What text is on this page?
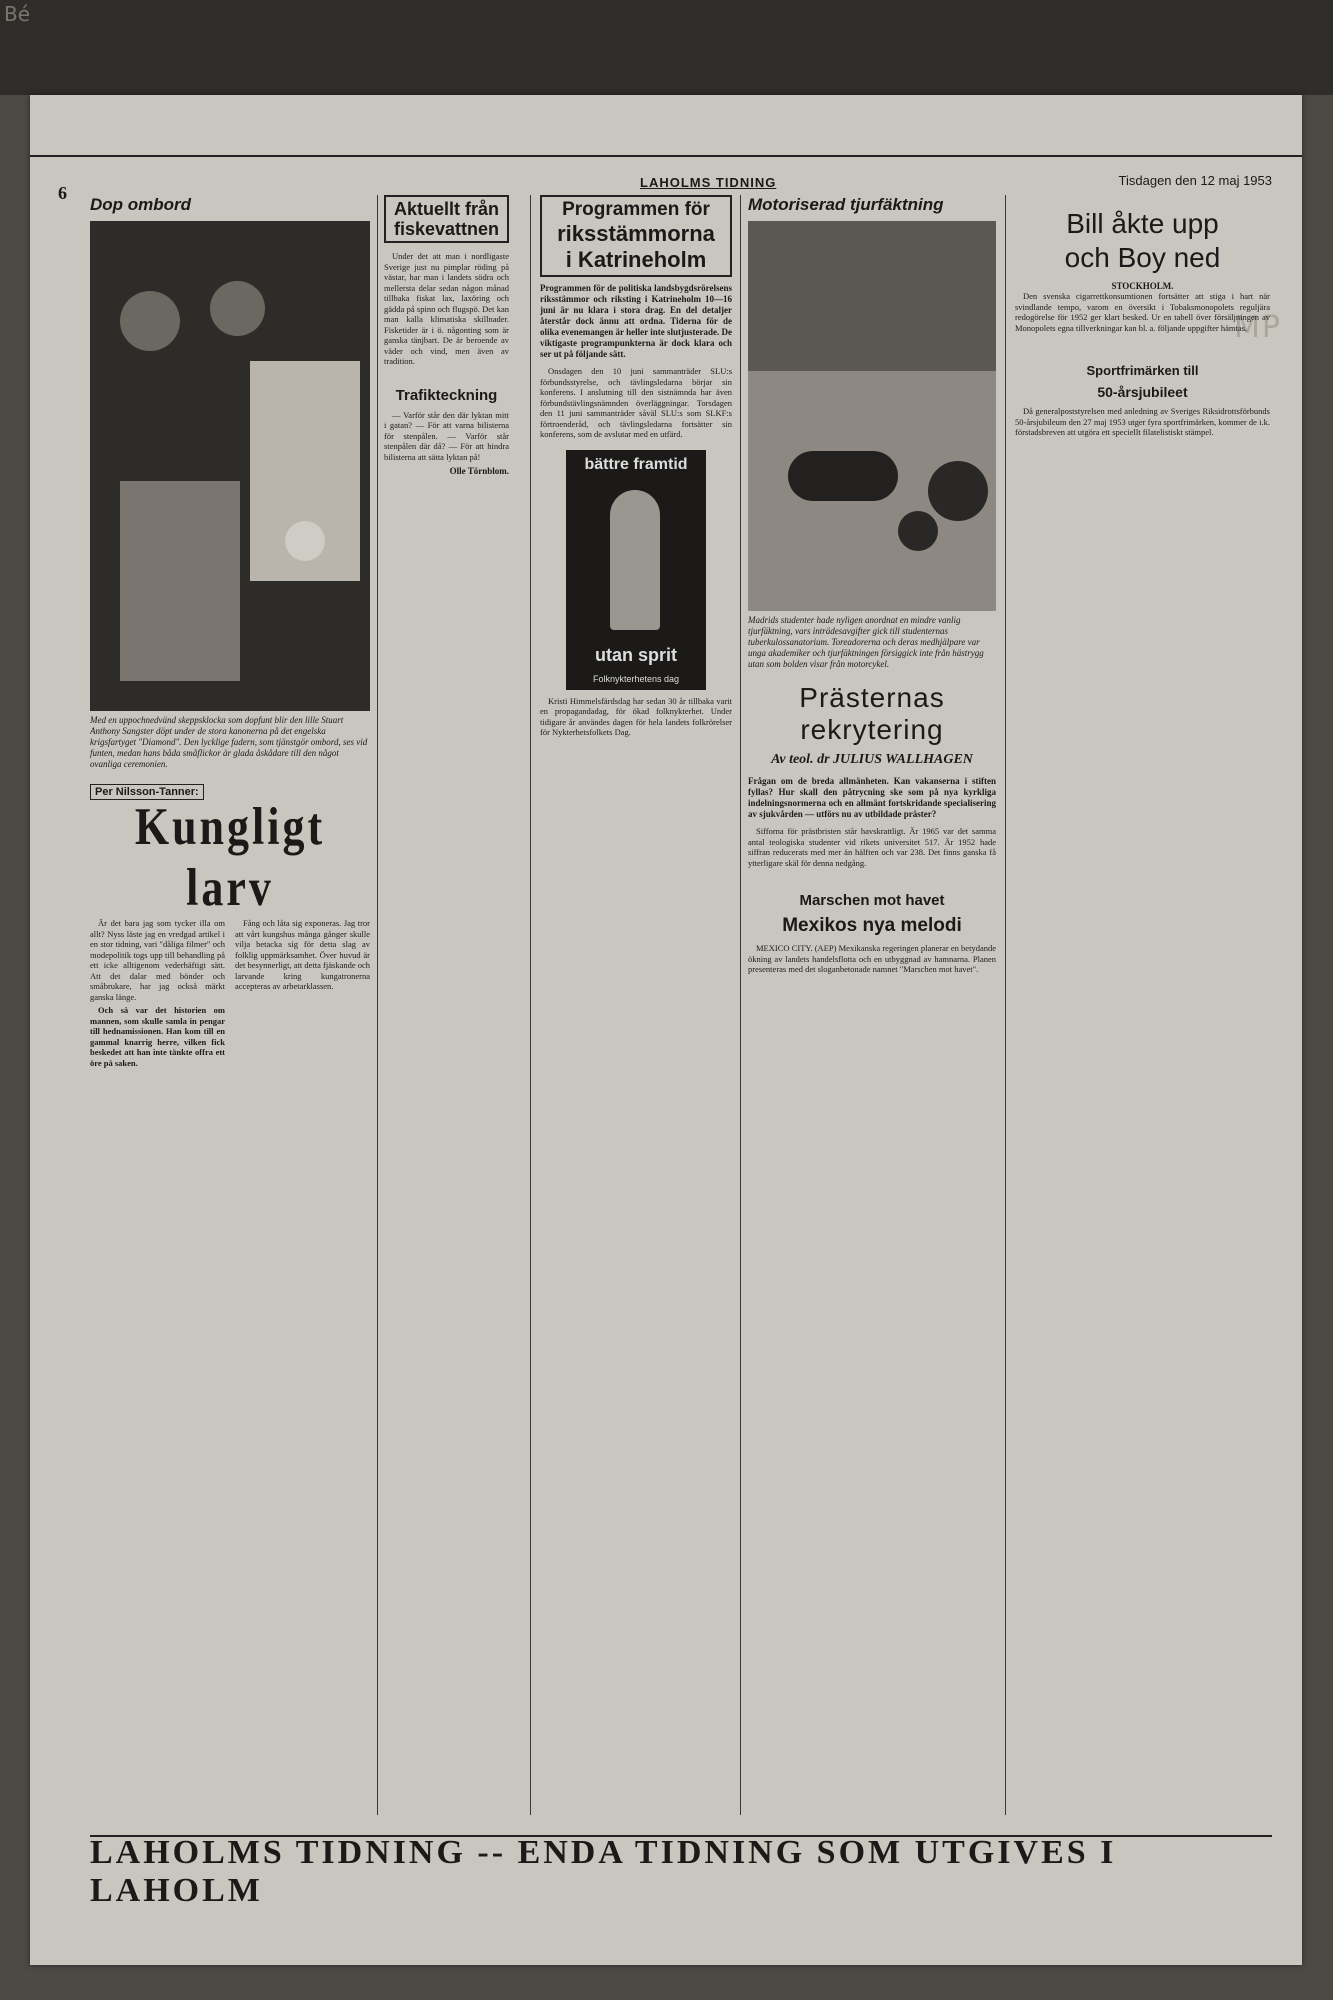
Bé
MP
6
LAHOLMS TIDNING	Tisdagen den 12 maj 1953
Dop ombord
Med en uppochnedvänd skeppsklocka som dopfunt blir den lille Stuart Anthony Sangster döpt under de stora kanonerna på det engelska krigsfartyget "Diamond". Den lycklige fadern, som tjänstgör ombord, ses vid funten, medan hans båda småflickor är glada åskådare till den något ovanliga ceremonien.
Per Nilsson-Tanner:
Kungligt larv

Är det bara jag som tycker illa om allt? Nyss läste jag en vredgad artikel i en stor tidning, vari "dåliga filmer" och modepolitik togs upp till behandling på ett icke alltigenom vederhäftigt sätt. Att det dalar med bönder och småbrukare, har jag också märkt ganska länge.

Och så var det historien om mannen, som skulle samla in pengar till hednamissionen. Han kom till en gammal knarrig herre, vilken fick beskedet att han inte tänkte offra ett öre på saken.

Fång och låta sig exponeras. Jag tror att vårt kungshus många gånger skulle vilja betacka sig för detta slag av folklig uppmärksamhet. Över huvud är det besynnerligt, att detta fjäskande och larvande kring kungatronerna accepteras av arbetarklassen.

Aktuellt från fiskevattnen

Under det att man i nordligaste Sverige just nu pimplar röding på västar, har man i landets södra och mellersta delar sedan någon månad tillbaka fiskat lax, laxöring och gädda på spinn och flugspö. Det kan man kalla klimatiska skillnader. Fisketider är i ö. någonting som är ganska tänjbart. De är beroende av väder och vind, men även av tradition.

Trafikteckning

— Varför står den där lyktan mitt i gatan? — För att varna bilisterna för stenpålen. — Varför står stenpålen där då? — För att hindra bilisterna att sätta lyktan på!

Olle Törnblom.
Programmen för
riksstämmorna
i Katrineholm
Programmen för de politiska landsbygdsrörelsens riksstämmor och riksting i Katrineholm 10—16 juni är nu klara i stora drag. En del detaljer återstår dock ännu att ordna. Tiderna för de olika evenemangen är heller inte slutjusterade. De viktigaste programpunkterna är dock klara och ser ut på följande sätt.

Onsdagen den 10 juni sammanträder SLU:s förbundsstyrelse, och tävlingsledarna börjar sin konferens. I anslutning till den sistnämnda har även förbundstävlingsnämnden överläggningar. Torsdagen den 11 juni sammanträder såväl SLU:s som SLKF:s förtroenderåd, och tävlingsledarna fortsätter sin konferens, som de avslutar med en utfärd.

bättre framtid
utan sprit
Folknykterhetens dag

Kristi Himmelsfärdsdag har sedan 30 år tillbaka varit en propagandadag, för ökad folknykterhet. Under tidigare år användes dagen för hela landets folkrörelser för Nykterhetsfolkets Dag.

Motoriserad tjurfäktning
Madrids studenter hade nyligen anordnat en mindre vanlig tjurfäktning, vars inträdesavgifter gick till studenternas tuberkulossanatorium. Toreadorerna och deras medhjälpare var unga akademiker och tjurfäktningen försiggick inte från hästrygg utan som bolden visar från motorcykel.
Prästernas rekrytering
Av teol. dr JULIUS WALLHAGEN
Frågan om de breda allmänheten. Kan vakanserna i stiften fyllas? Hur skall den påtrycning ske som på nya kyrkliga indelningsnormerna och en allmänt fortskridande specialisering av sjukvården — utförs nu av utbildade präster?

Sifforna för prästbristen står havskrattligt. Är 1965 var det samma antal teologiska studenter vid rikets universitet 517. Är 1952 hade siffran reducerats med mer än hälften och var 238. Det finns ganska få ytterligare skäl för denna nedgång.

Marschen mot havet
Mexikos nya melodi

MEXICO CITY. (AEP) Mexikanska regeringen planerar en betydande ökning av landets handelsflotta och en utbyggnad av hamnarna. Planen presenteras med det sloganbetonade namnet "Marschen mot havet".

Bill åkte upp
och Boy ned
STOCKHOLM.

Den svenska cigarrettkonsumtionen fortsätter att stiga i hart när svindlande tempo, varom en översikt i Tobaksmonopolets reguljära redogörelse för 1952 ger klart besked. Ur en tabell över försäljningen av Monopolets egna tillverkningar kan bl. a. följande uppgifter hämtas.

Sportfrimärken till
50-årsjubileet

Då generalpoststyrelsen med anledning av Sveriges Riksidrottsförbunds 50-årsjubileum den 27 maj 1953 utger fyra sportfrimärken, kommer de i.k. förstadsbreven att utgöra ett speciellt filatelistiskt stämpel.

LAHOLMS TIDNING -- ENDA TIDNING SOM UTGIVES I LAHOLM
